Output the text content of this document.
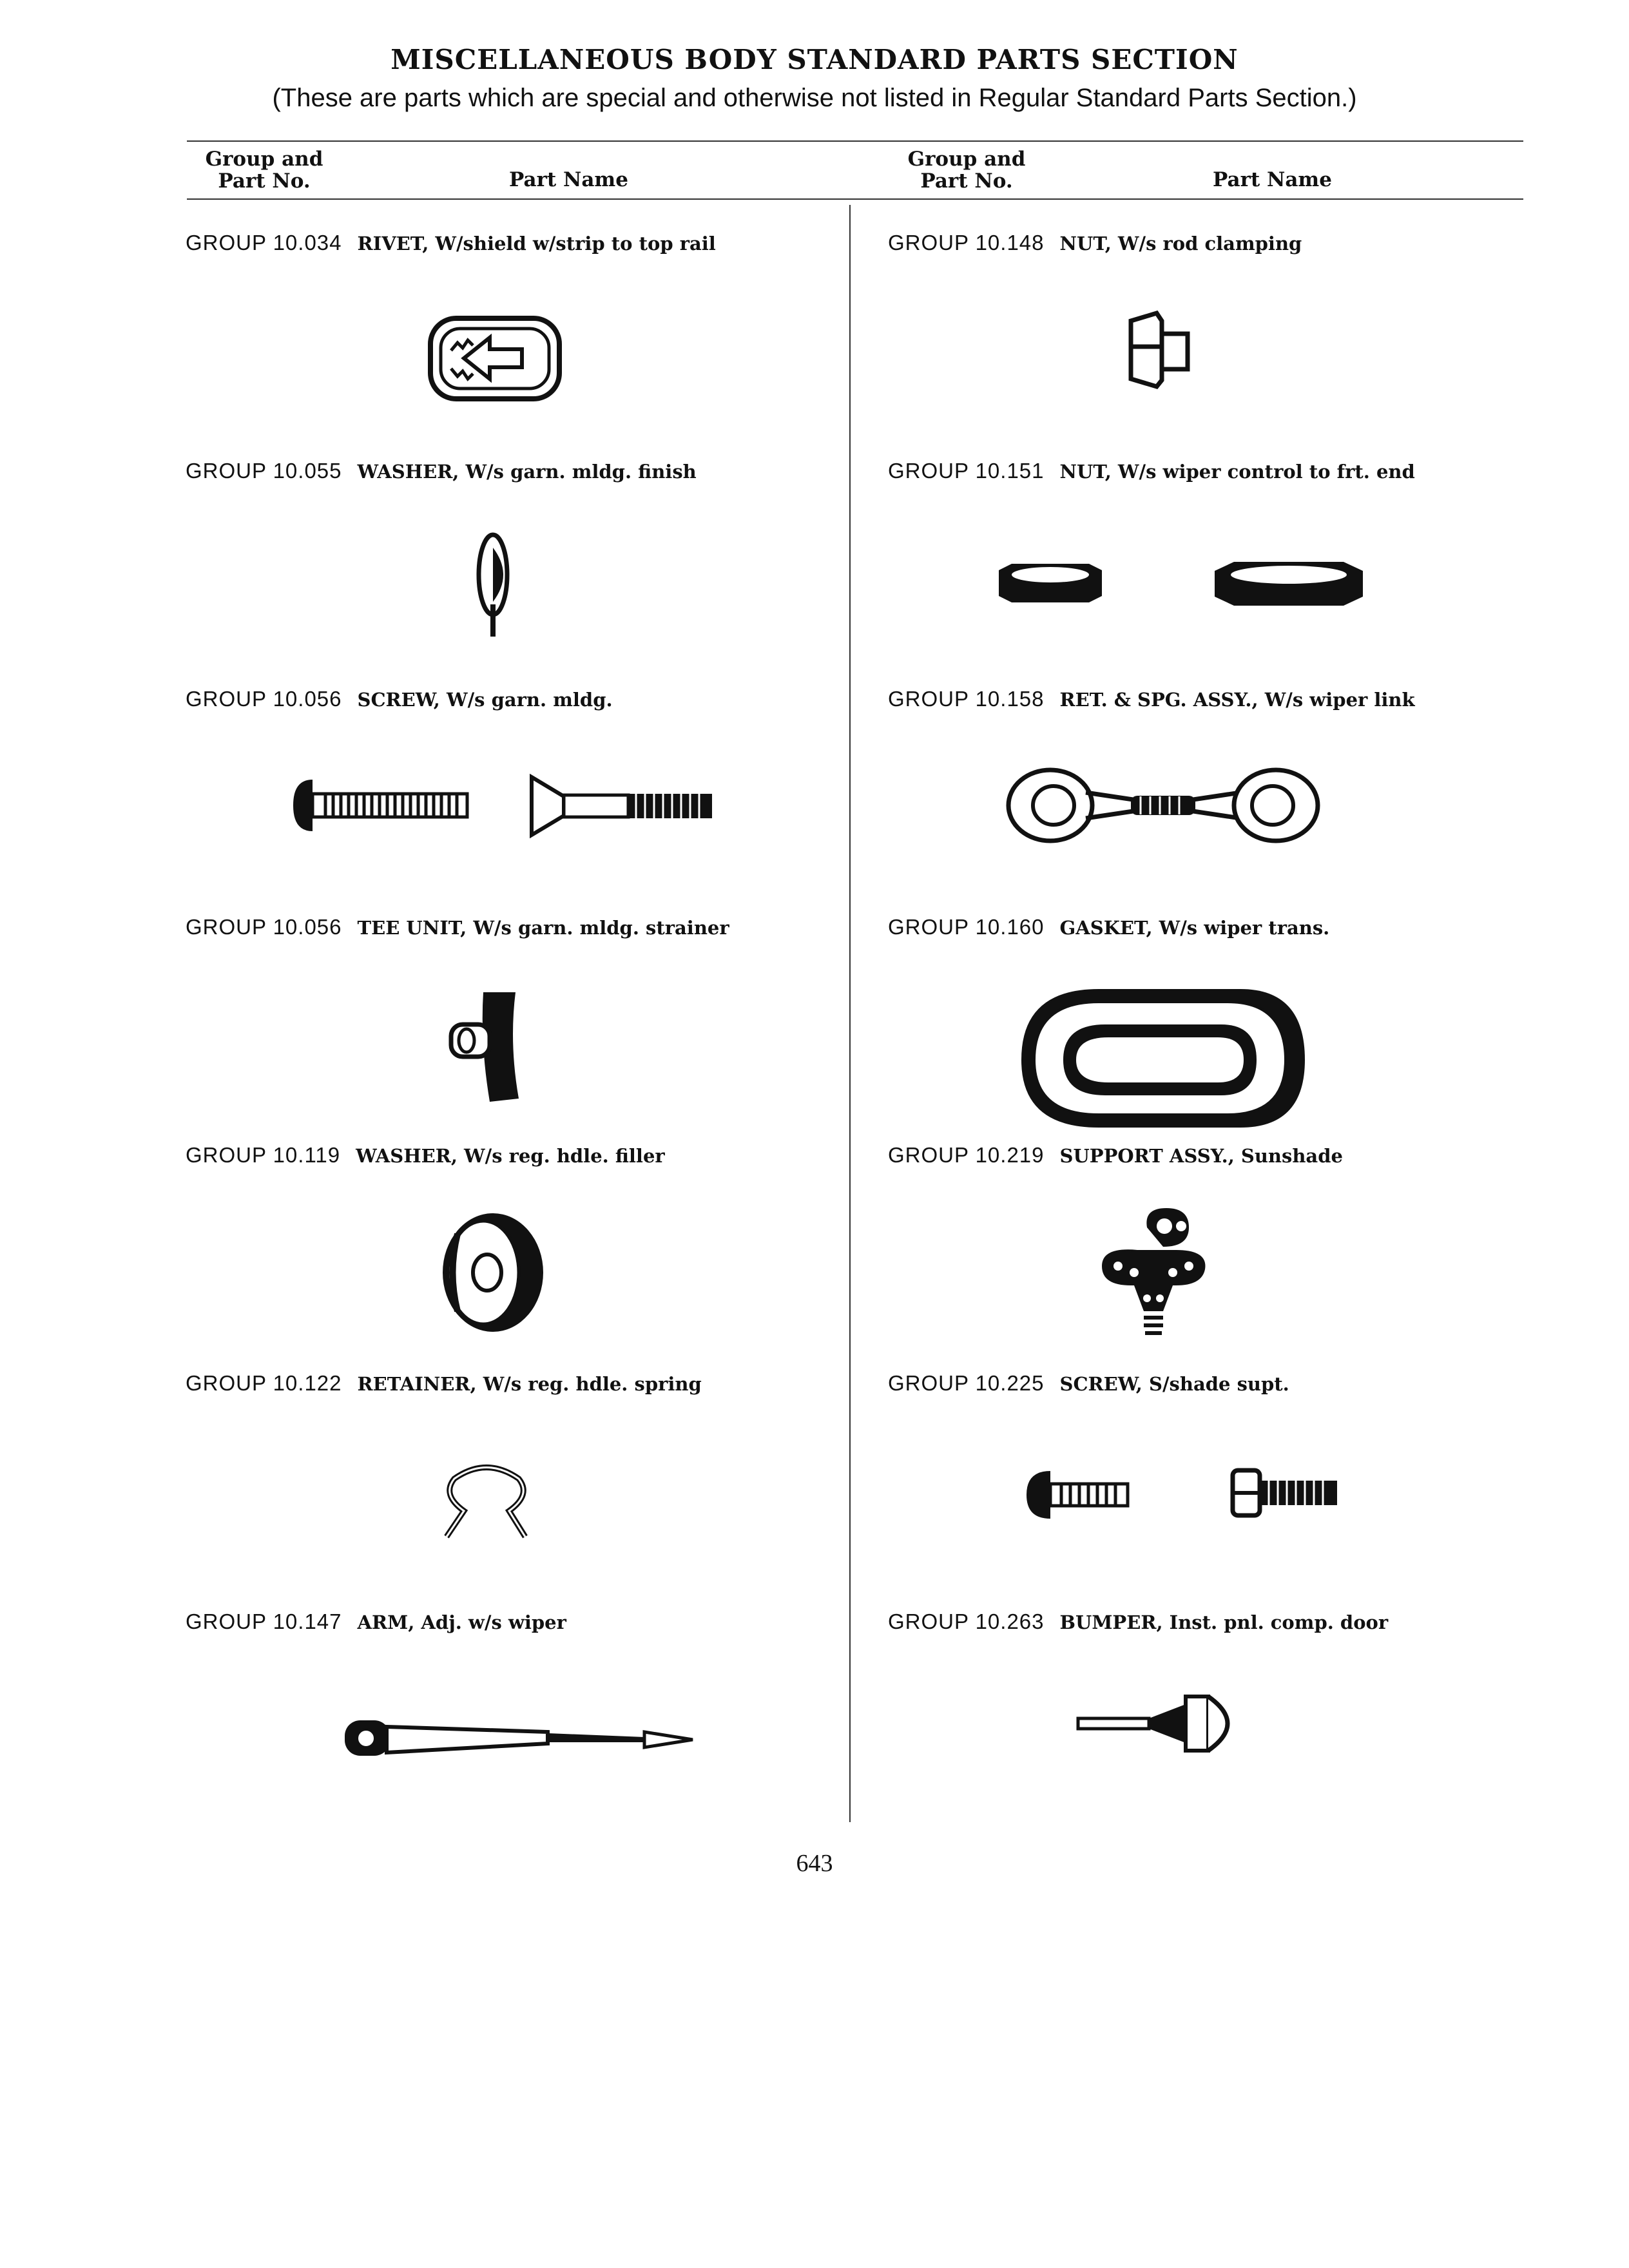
MISCELLANEOUS BODY STANDARD PARTS SECTION
(These are parts which are special and otherwise not listed in Regular Standard Parts Section.)
Group and
Part No.	Part Name
Group and
Part No.	Part Name
GROUP 10.034 RIVET, W/shield w/strip to top rail
GROUP 10.055 WASHER, W/s garn. mldg. finish
GROUP 10.056 SCREW, W/s garn. mldg.
GROUP 10.056 TEE UNIT, W/s garn. mldg. strainer
GROUP 10.119 WASHER, W/s reg. hdle. filler
GROUP 10.122 RETAINER, W/s reg. hdle. spring
GROUP 10.147 ARM, Adj. w/s wiper
GROUP 10.148 NUT, W/s rod clamping
GROUP 10.151 NUT, W/s wiper control to frt. end
GROUP 10.158 RET. & SPG. ASSY., W/s wiper link
GROUP 10.160 GASKET, W/s wiper trans.
GROUP 10.219 SUPPORT ASSY., Sunshade
GROUP 10.225 SCREW, S/shade supt.
GROUP 10.263 BUMPER, Inst. pnl. comp. door
643
